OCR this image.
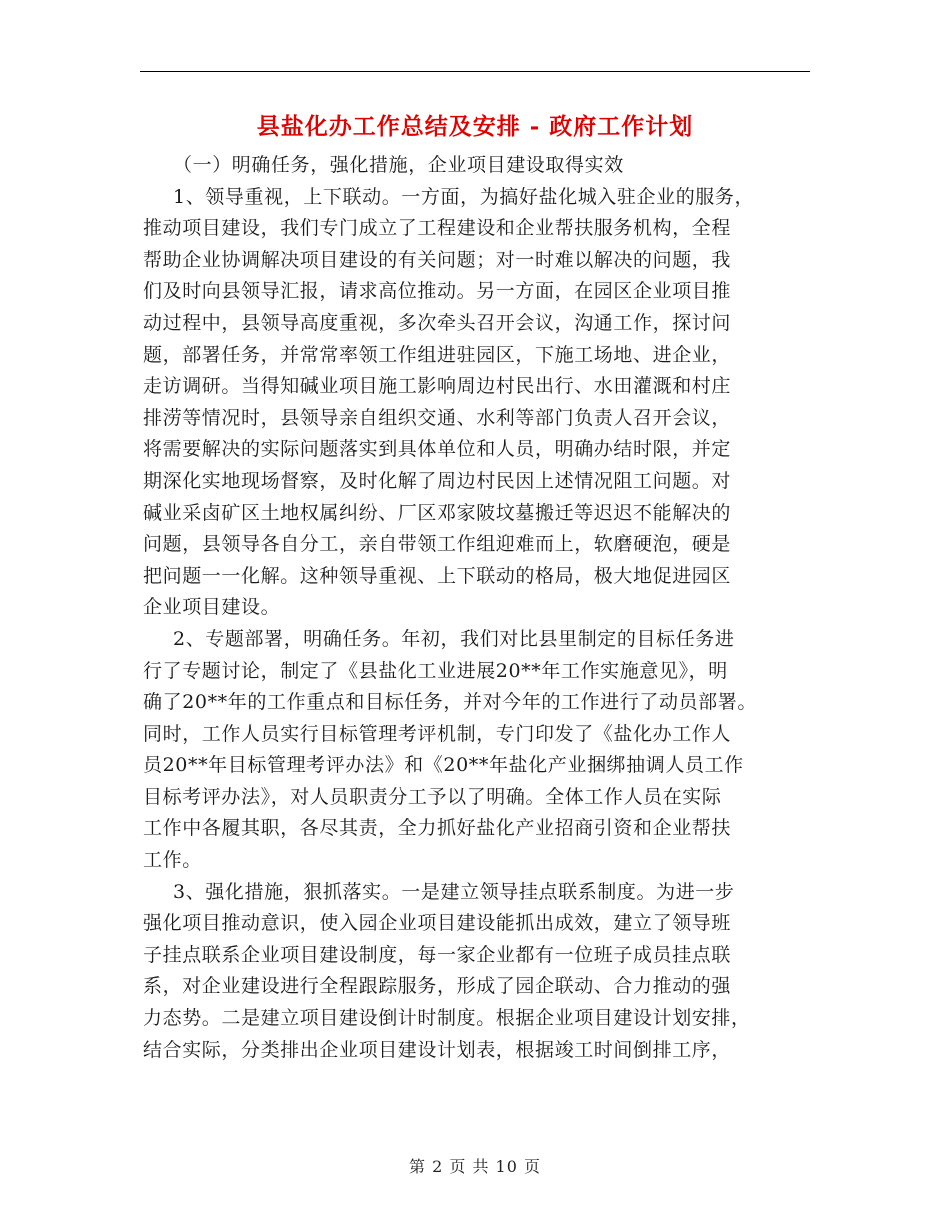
县盐化办工作总结及安排 - 政府工作计划
（一）明确任务，强化措施，企业项目建设取得实效
1、领导重视，上下联动。一方面，为搞好盐化城入驻企业的服务，
推动项目建设，我们专门成立了工程建设和企业帮扶服务机构，全程
帮助企业协调解决项目建设的有关问题；对一时难以解决的问题，我
们及时向县领导汇报，请求高位推动。另一方面，在园区企业项目推
动过程中，县领导高度重视，多次牵头召开会议，沟通工作，探讨问
题，部署任务，并常常率领工作组进驻园区，下施工场地、进企业，
走访调研。当得知碱业项目施工影响周边村民出行、水田灌溉和村庄
排涝等情况时，县领导亲自组织交通、水利等部门负责人召开会议，
将需要解决的实际问题落实到具体单位和人员，明确办结时限，并定
期深化实地现场督察，及时化解了周边村民因上述情况阻工问题。对
碱业采卤矿区土地权属纠纷、厂区邓家陂坟墓搬迁等迟迟不能解决的
问题，县领导各自分工，亲自带领工作组迎难而上，软磨硬泡，硬是
把问题一一化解。这种领导重视、上下联动的格局，极大地促进园区
企业项目建设。
2、专题部署，明确任务。年初，我们对比县里制定的目标任务进
行了专题讨论，制定了《县盐化工业进展20**年工作实施意见》，明
确了20**年的工作重点和目标任务，并对今年的工作进行了动员部署。
同时，工作人员实行目标管理考评机制，专门印发了《盐化办工作人
员20**年目标管理考评办法》和《20**年盐化产业捆绑抽调人员工作
目标考评办法》，对人员职责分工予以了明确。全体工作人员在实际
工作中各履其职，各尽其责，全力抓好盐化产业招商引资和企业帮扶
工作。
3、强化措施，狠抓落实。一是建立领导挂点联系制度。为进一步
强化项目推动意识，使入园企业项目建设能抓出成效，建立了领导班
子挂点联系企业项目建设制度，每一家企业都有一位班子成员挂点联
系，对企业建设进行全程跟踪服务，形成了园企联动、合力推动的强
力态势。二是建立项目建设倒计时制度。根据企业项目建设计划安排，
结合实际，分类排出企业项目建设计划表，根据竣工时间倒排工序，
第 2 页 共 10 页
